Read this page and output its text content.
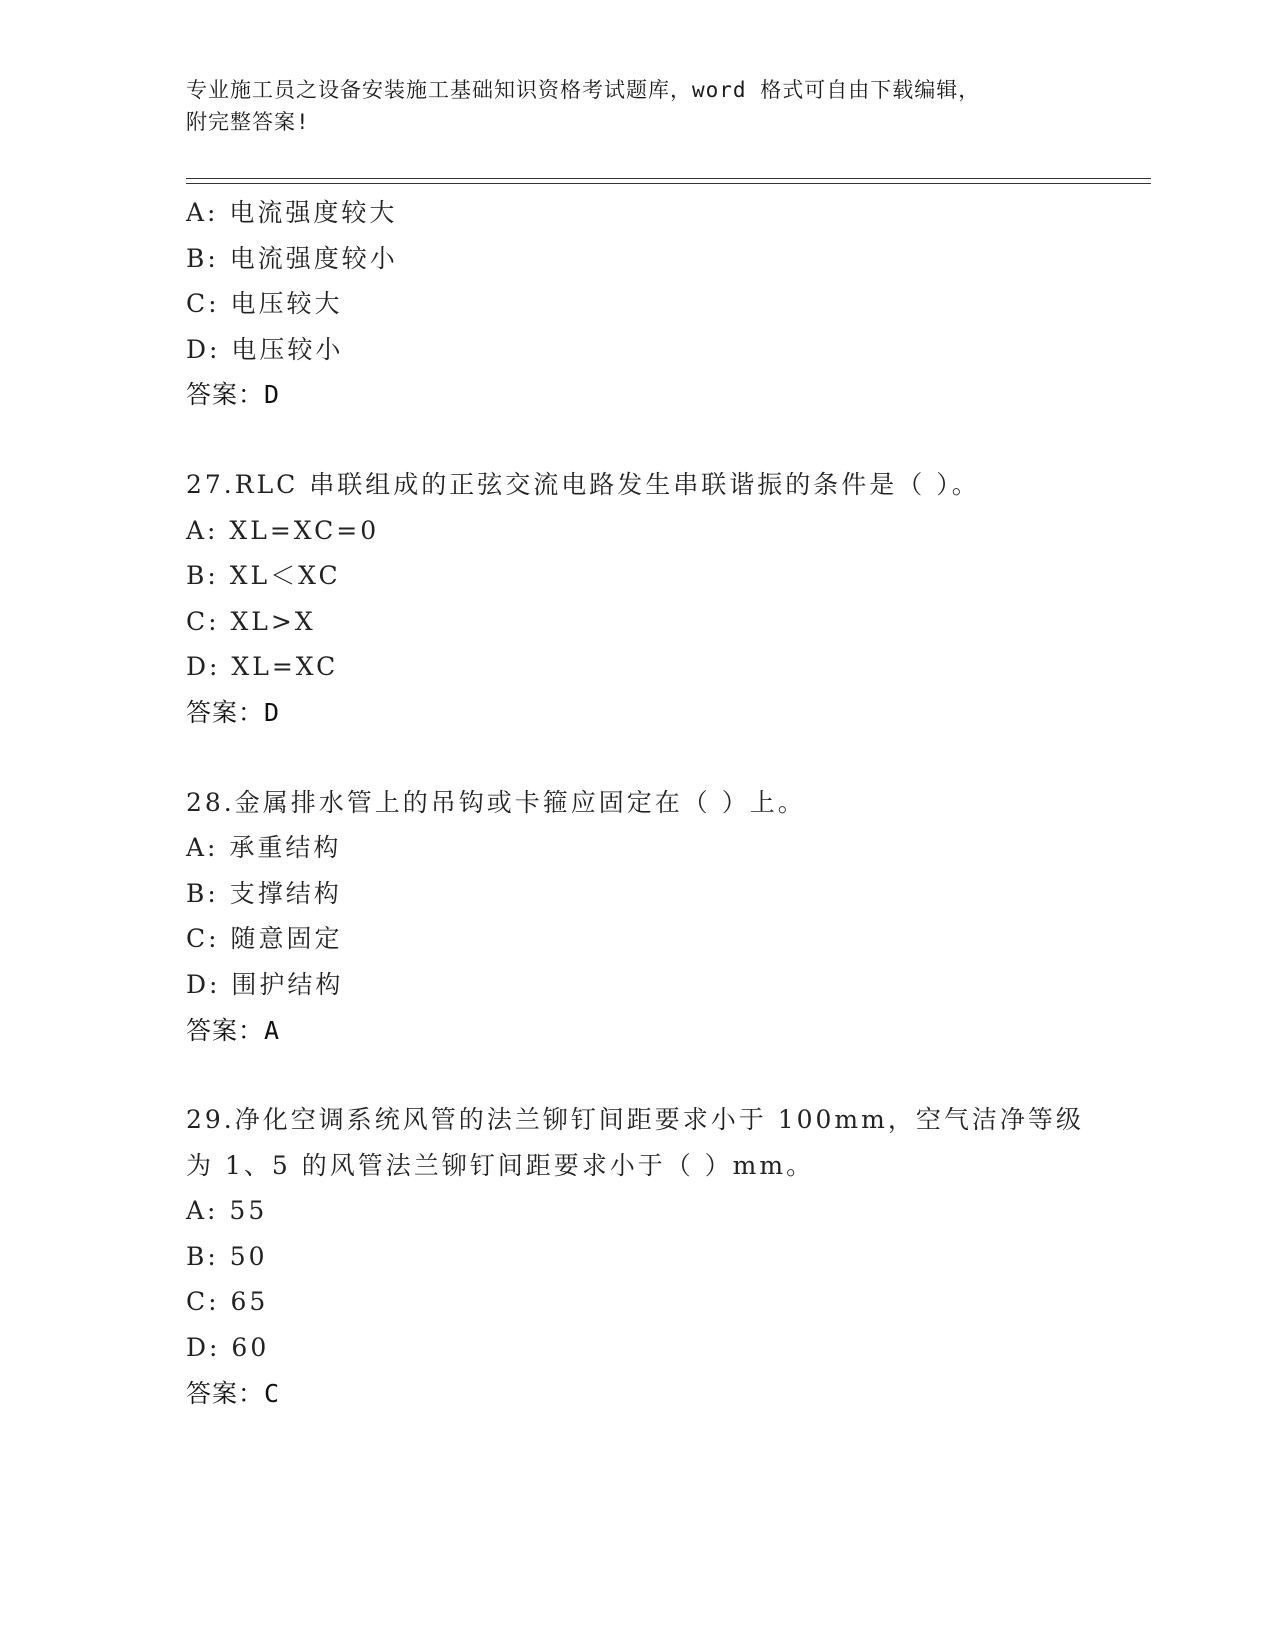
专业施工员之设备安装施工基础知识资格考试题库，word 格式可自由下载编辑，
附完整答案!
A: 电流强度较大
B: 电流强度较小
C: 电压较大
D: 电压较小
答案：D
27.RLC 串联组成的正弦交流电路发生串联谐振的条件是（ ）。
A: XL=XC=0
B: XL＜XC
C: XL>X
D: XL=XC
答案：D
28.金属排水管上的吊钩或卡箍应固定在（ ）上。
A: 承重结构
B: 支撑结构
C: 随意固定
D: 围护结构
答案：A
29.净化空调系统风管的法兰铆钉间距要求小于 100mm，空气洁净等级
为 1、5 的风管法兰铆钉间距要求小于（ ）mm。
A: 55
B: 50
C: 65
D: 60
答案：C
